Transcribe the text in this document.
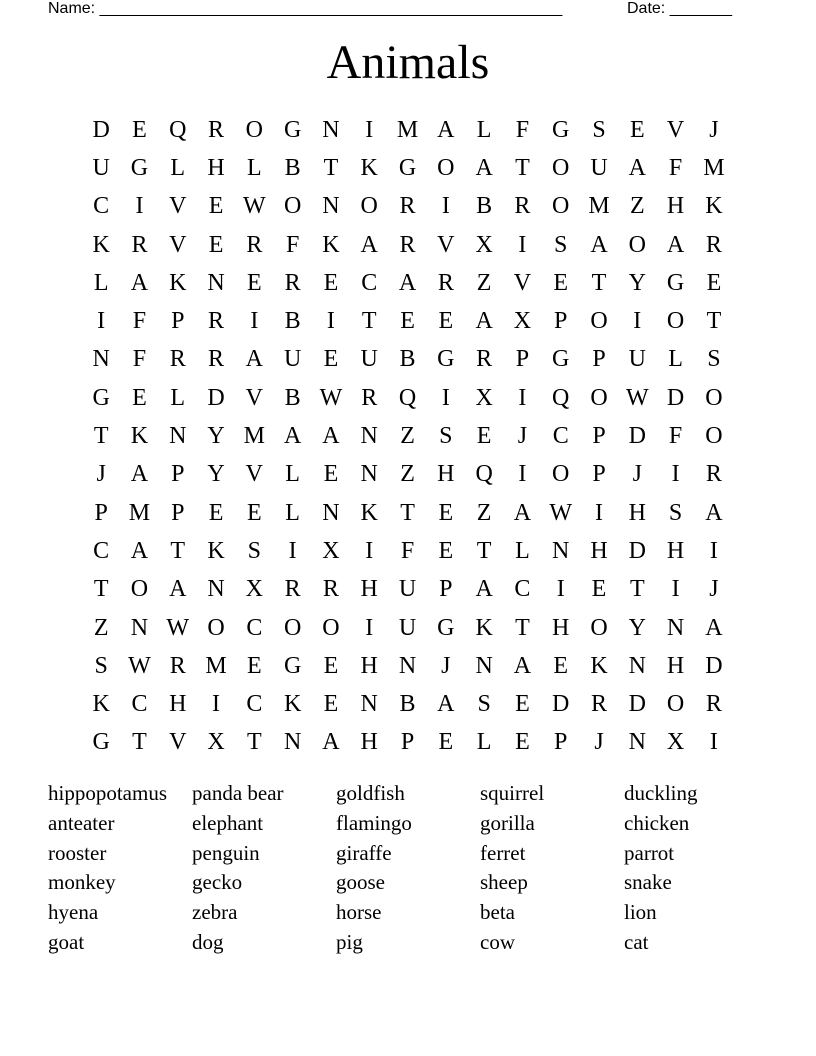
Name: ____________________________________________________	Date: _______
Animals
D E Q R O G N	I M A L	F G S	E V	J
U G L H L B T K G O A T O U A F M
C	I	V E W O N O R	I	B R O M Z H K
K R V E R F K A R V X	I	S A O A R
L A K N E R E C A R Z V E T Y G E
I	F	P R	I	B	I	T E E A X P O	I	O T
N F R R A U E U B G R P G P U L	S
G E L D V B W R Q	I	X	I	Q O W D O
T K N Y M A A N Z	S	E	J	C P D F O
J	A P Y V L E N Z H Q	I	O P	J	I	R
P M P	E E L N K T E Z A W I	H S A
C A T K S	I	X	I	F	E T L N H D H	I
T O A N X R R H U P A C	I	E T	I	J
Z N W O C O O	I	U G K T H O Y N A
S W R M E G E H N	J	N A E K N H D
K C H	I	C K E N B A S	E D R D O R
G T V X T N A H P	E L E	P	J	N X	I
hippopotamus	panda bear	goldfish	squirrel	duckling
anteater	elephant	flamingo	gorilla	chicken
rooster	penguin	giraffe	ferret	parrot
monkey	gecko	goose	sheep	snake
hyena	zebra	horse	beta	lion
goat	dog	pig	cow	cat
